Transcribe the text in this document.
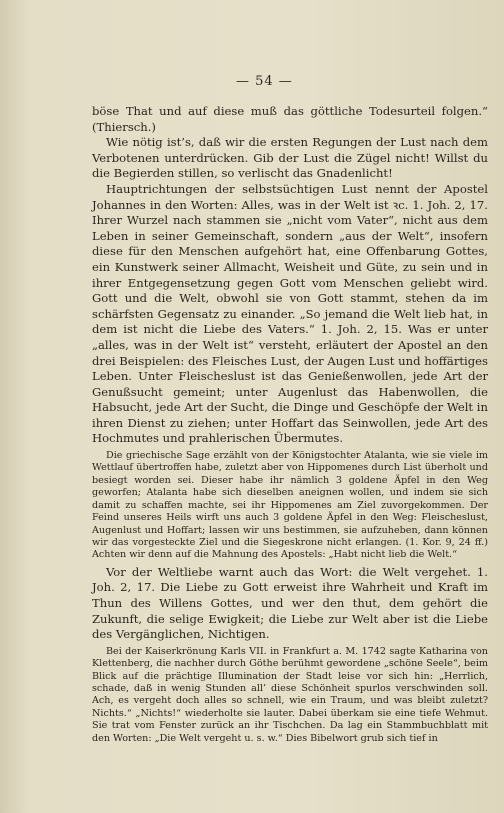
— 54 —

böse That und auf diese muß das göttliche Todesurteil folgen.“ (Thiersch.)

Wie nötig ist’s, daß wir die ersten Regungen der Lust nach dem Verbotenen unterdrücken. Gib der Lust die Zügel nicht! Willst du die Begierden stillen, so verlischt das Gnadenlicht!

Hauptrichtungen der selbstsüchtigen Lust nennt der Apostel Johannes in den Worten: Alles, was in der Welt ist ꝛc. 1. Joh. 2, 17. Ihrer Wurzel nach stammen sie „nicht vom Vater“, nicht aus dem Leben in seiner Gemeinschaft, sondern „aus der Welt“, insofern diese für den Menschen aufgehört hat, eine Offenbarung Gottes, ein Kunstwerk seiner Allmacht, Weisheit und Güte, zu sein und in ihrer Entgegensetzung gegen Gott vom Menschen geliebt wird. Gott und die Welt, obwohl sie von Gott stammt, stehen da im schärfsten Gegensatz zu einander. „So jemand die Welt lieb hat, in dem ist nicht die Liebe des Vaters.“ 1. Joh. 2, 15. Was er unter „alles, was in der Welt ist“ versteht, erläutert der Apostel an den drei Beispielen: des Fleisches Lust, der Augen Lust und hoffärtiges Leben. Unter Fleischeslust ist das Genießenwollen, jede Art der Genußsucht gemeint; unter Augenlust das Habenwollen, die Habsucht, jede Art der Sucht, die Dinge und Geschöpfe der Welt in ihren Dienst zu ziehen; unter Hoffart das Seinwollen, jede Art des Hochmutes und prahlerischen Übermutes.

Die griechische Sage erzählt von der Königstochter Atalanta, wie sie viele im Wettlauf übertroffen habe, zuletzt aber von Hippomenes durch List überholt und besiegt worden sei. Dieser habe ihr nämlich 3 goldene Äpfel in den Weg geworfen; Atalanta habe sich dieselben aneignen wollen, und indem sie sich damit zu schaffen machte, sei ihr Hippomenes am Ziel zuvorgekommen. Der Feind unseres Heils wirft uns auch 3 goldene Äpfel in den Weg: Fleischeslust, Augenlust und Hoffart; lassen wir uns bestimmen, sie aufzuheben, dann können wir das vorgesteckte Ziel und die Siegeskrone nicht erlangen. (1. Kor. 9, 24 ff.) Achten wir denn auf die Mahnung des Apostels: „Habt nicht lieb die Welt.“

Vor der Weltliebe warnt auch das Wort: die Welt vergehet. 1. Joh. 2, 17. Die Liebe zu Gott erweist ihre Wahrheit und Kraft im Thun des Willens Gottes, und wer den thut, dem gehört die Zukunft, die selige Ewigkeit; die Liebe zur Welt aber ist die Liebe des Vergänglichen, Nichtigen.

Bei der Kaiserkrönung Karls VII. in Frankfurt a. M. 1742 sagte Katharina von Klettenberg, die nachher durch Göthe berühmt gewordene „schöne Seele“, beim Blick auf die prächtige Illumination der Stadt leise vor sich hin: „Herrlich, schade, daß in wenig Stunden all’ diese Schönheit spurlos verschwinden soll. Ach, es vergeht doch alles so schnell, wie ein Traum, und was bleibt zuletzt? Nichts.“ „Nichts!“ wiederholte sie lauter. Dabei überkam sie eine tiefe Wehmut. Sie trat vom Fenster zurück an ihr Tischchen. Da lag ein Stammbuchblatt mit den Worten: „Die Welt vergeht u. s. w.“ Dies Bibelwort grub sich tief in
